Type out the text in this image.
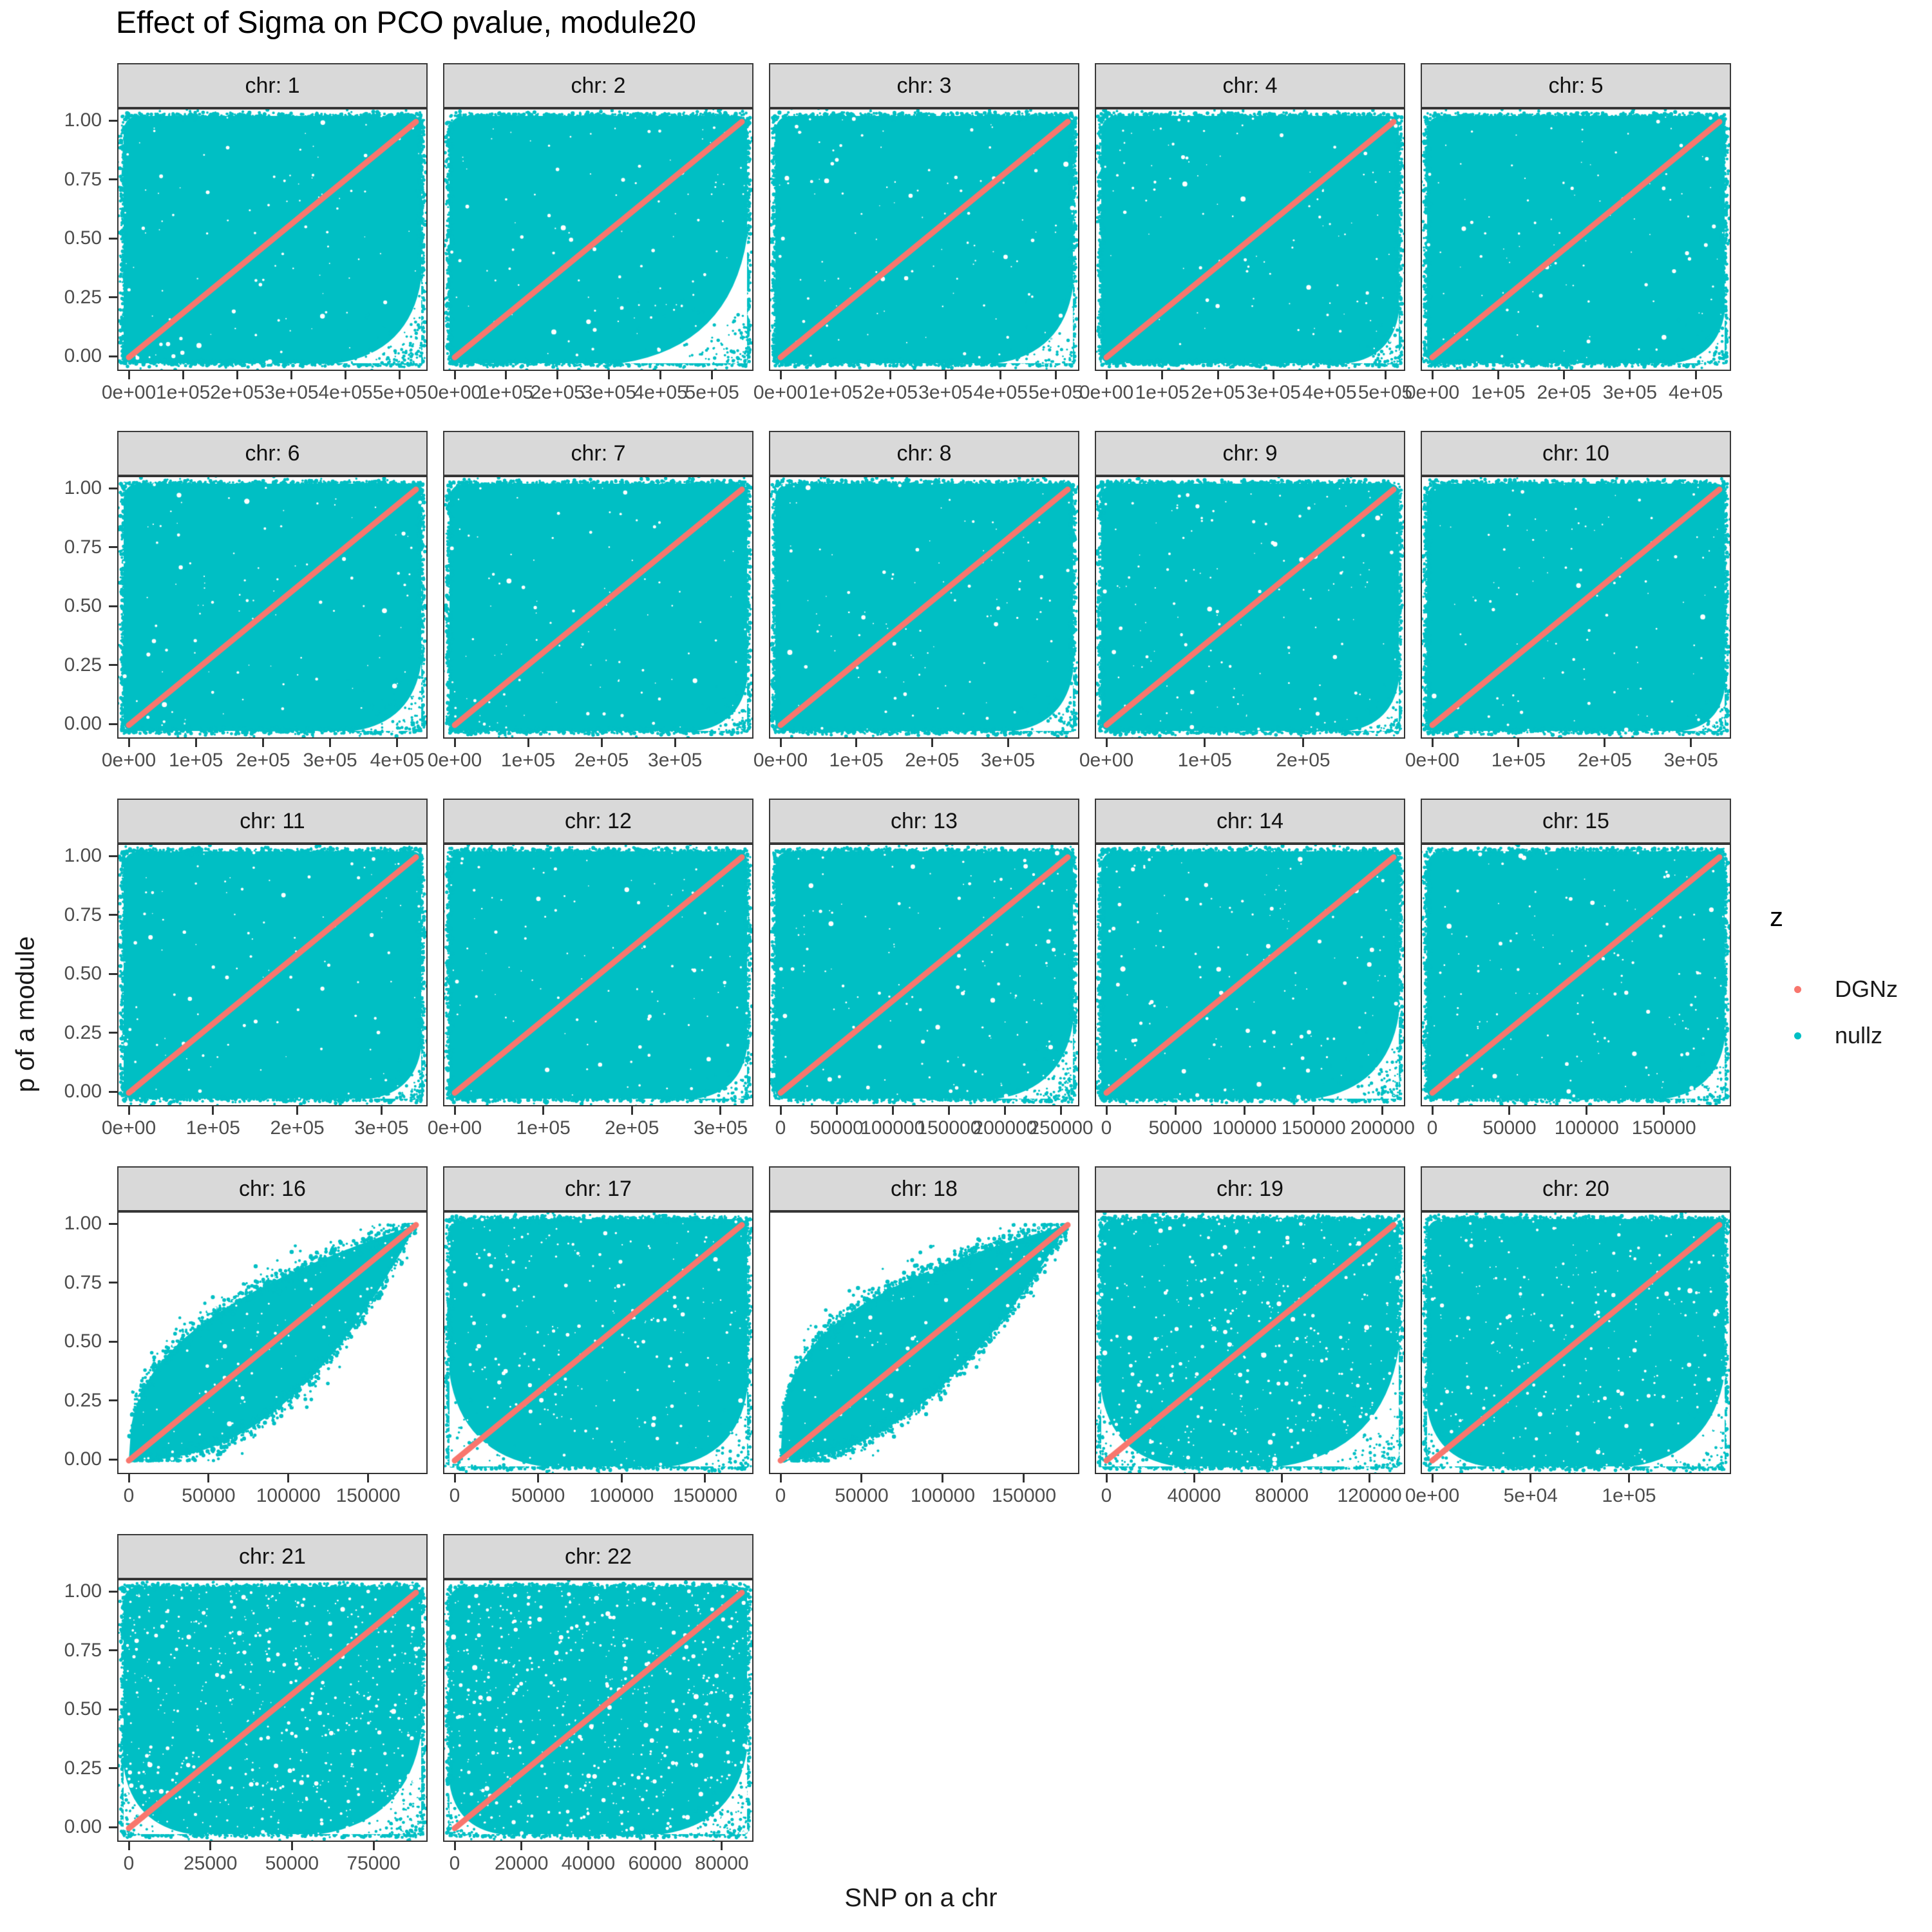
Effect of Sigma on PCO pvalue, module20
p of a module
SNP on a chr
chr: 1
0e+00 1e+05 2e+05 3e+05 4e+05 5e+05
1.00
0.75
0.50
0.25
0.00
chr: 2
0e+00
1e+05
2e+05
3e+05
4e+05
5e+05
chr: 3
0e+00 1e+05 2e+05 3e+05 4e+05 5e+05
chr: 4
0e+00 1e+05 2e+05 3e+05 4e+05 5e+05
chr: 5
0e+00 1e+05 2e+05 3e+05 4e+05
chr: 6
0e+00 1e+05 2e+05 3e+05 4e+05
1.00
0.75
0.50
0.25
0.00
chr: 7
0e+00 1e+05 2e+05 3e+05
chr: 8
0e+00 1e+05 2e+05 3e+05
chr: 9
0e+00 1e+05 2e+05
chr: 10
0e+00 1e+05 2e+05 3e+05
chr: 11
0e+00 1e+05 2e+05 3e+05
1.00
0.75
0.50
0.25
0.00
chr: 12
0e+00 1e+05 2e+05 3e+05
chr: 13
0 50000
100000
150000
200000
250000
chr: 14
0 50000 100000 150000 200000
chr: 15
0 50000 100000 150000
chr: 16
0 50000 100000 150000
1.00
0.75
0.50
0.25
0.00
chr: 17
0	50000 100000 150000
chr: 18
0	50000 100000 150000
chr: 19
0	40000 80000 120000
chr: 20
0e+00 5e+04 1e+05
chr: 21
0	25000 50000 75000
1.00
0.75
0.50
0.25
0.00
chr: 22
0 20000 40000 60000 80000
z
DGNz
nullz
